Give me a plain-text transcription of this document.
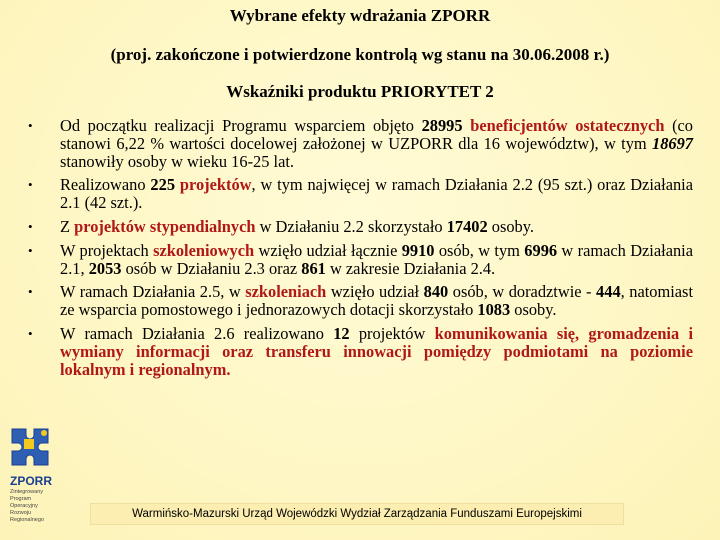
Wybrane efekty wdrażania ZPORR
(proj. zakończone i potwierdzone kontrolą wg stanu na 30.06.2008 r.)
Wskaźniki produktu PRIORYTET 2
• Od początku realizacji Programu wsparciem objęto 28995 beneficjentów ostatecznych (co stanowi 6,22 % wartości docelowej założonej w UZPORR dla 16 województw), w tym 18697 stanowiły osoby w wieku 16-25 lat.
• Realizowano 225 projektów, w tym najwięcej w ramach Działania 2.2 (95 szt.) oraz Działania 2.1 (42 szt.).
• Z projektów stypendialnych w Działaniu 2.2 skorzystało 17402 osoby.
• W projektach szkoleniowych wzięło udział łącznie 9910 osób, w tym 6996 w ramach Działania 2.1, 2053 osób w Działaniu 2.3 oraz 861 w zakresie Działania 2.4.
• W ramach Działania 2.5, w szkoleniach wzięło udział 840 osób, w doradztwie - 444, natomiast ze wsparcia pomostowego i jednorazowych dotacji skorzystało 1083 osoby.
• W ramach Działania 2.6 realizowano 12 projektów komunikowania się, gromadzenia i wymiany informacji oraz transferu innowacji pomiędzy podmiotami na poziomie lokalnym i regionalnym.
ZPORR
Zintegrowany Program Operacyjny Rozwoju Regionalnego	Warmińsko-Mazurski Urząd Wojewódzki Wydział Zarządzania Funduszami Europejskimi
